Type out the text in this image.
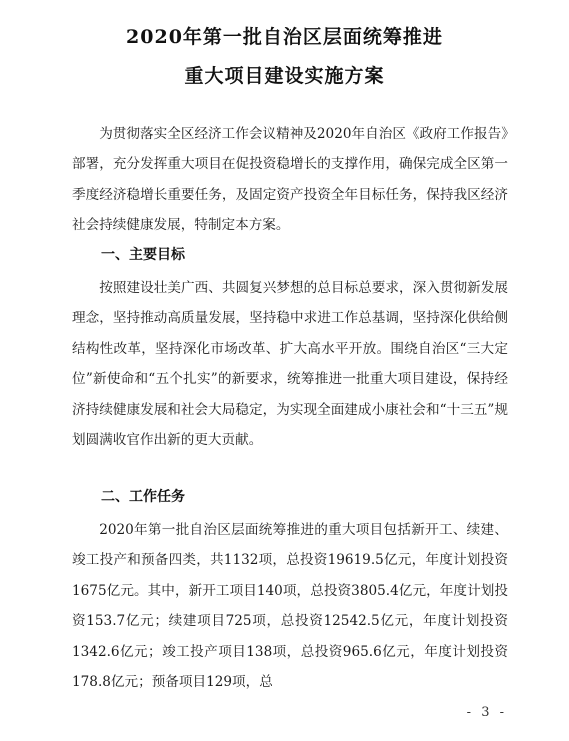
2020年第一批自治区层面统筹推进
重大项目建设实施方案
为贯彻落实全区经济工作会议精神及2020年自治区《政府工作报告》部署，充分发挥重大项目在促投资稳增长的支撑作用，确保完成全区第一季度经济稳增长重要任务，及固定资产投资全年目标任务，保持我区经济社会持续健康发展，特制定本方案。
一、主要目标
按照建设壮美广西、共圆复兴梦想的总目标总要求，深入贯彻新发展理念，坚持推动高质量发展，坚持稳中求进工作总基调，坚持深化供给侧结构性改革，坚持深化市场改革、扩大高水平开放。围绕自治区“三大定位”新使命和“五个扎实”的新要求，统筹推进一批重大项目建设，保持经济持续健康发展和社会大局稳定，为实现全面建成小康社会和“十三五”规划圆满收官作出新的更大贡献。
二、工作任务
2020年第一批自治区层面统筹推进的重大项目包括新开工、续建、竣工投产和预备四类，共1132项，总投资19619.5亿元，年度计划投资1675亿元。其中，新开工项目140项，总投资3805.4亿元，年度计划投资153.7亿元；续建项目725项，总投资12542.5亿元，年度计划投资1342.6亿元；竣工投产项目138项，总投资965.6亿元，年度计划投资178.8亿元；预备项目129项，总
- 3 -
